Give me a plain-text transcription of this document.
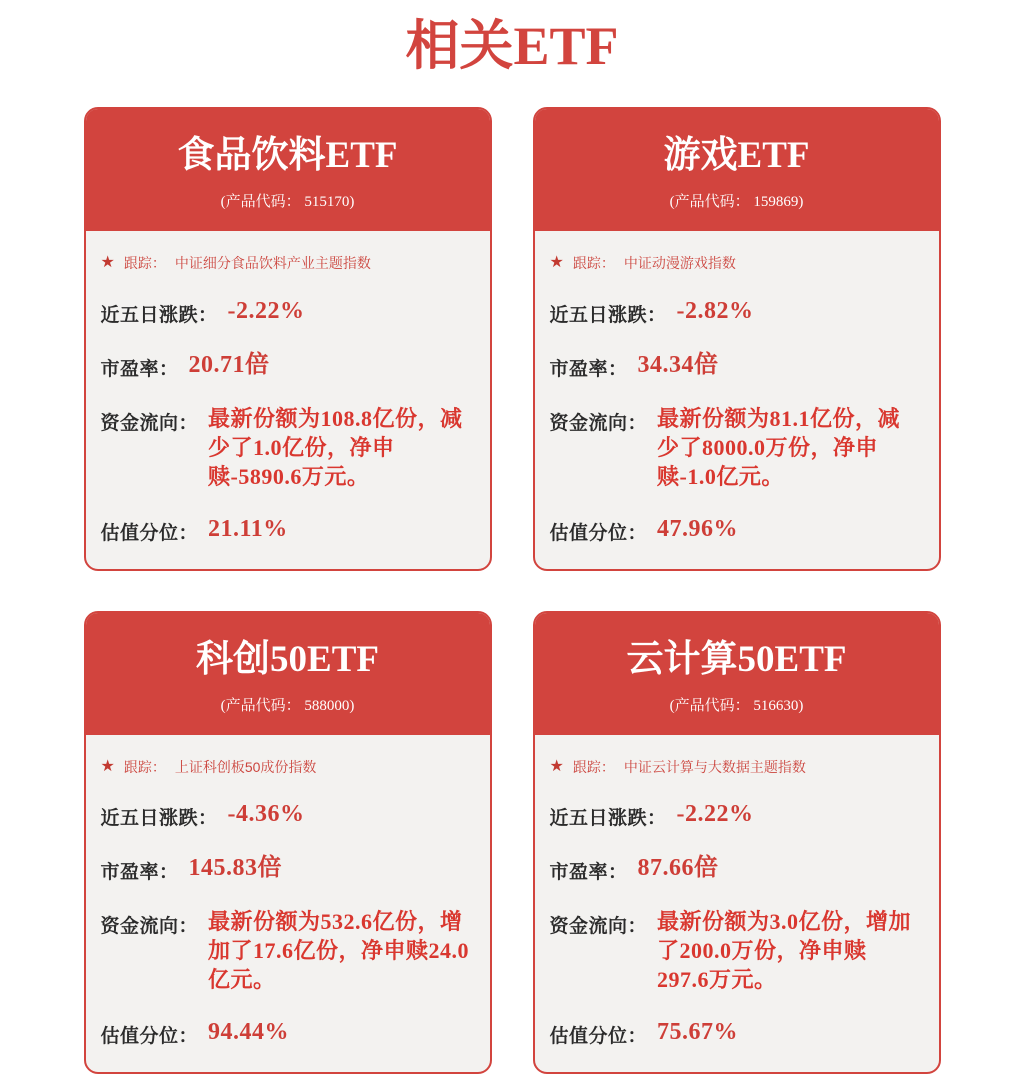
相关ETF
食品饮料ETF
(产品代码： 515170)
★ 跟踪： 中证细分食品饮料产业主题指数
近五日涨跌： -2.22%
市盈率： 20.71倍
资金流向： 最新份额为108.8亿份，减少了1.0亿份，净申赎-5890.6万元。
估值分位： 21.11%
游戏ETF
(产品代码： 159869)
★ 跟踪： 中证动漫游戏指数
近五日涨跌： -2.82%
市盈率： 34.34倍
资金流向： 最新份额为81.1亿份，减少了8000.0万份，净申赎-1.0亿元。
估值分位： 47.96%
科创50ETF
(产品代码： 588000)
★ 跟踪： 上证科创板50成份指数
近五日涨跌： -4.36%
市盈率： 145.83倍
资金流向： 最新份额为532.6亿份，增加了17.6亿份，净申赎24.0亿元。
估值分位： 94.44%
云计算50ETF
(产品代码： 516630)
★ 跟踪： 中证云计算与大数据主题指数
近五日涨跌： -2.22%
市盈率： 87.66倍
资金流向： 最新份额为3.0亿份，增加了200.0万份，净申赎297.6万元。
估值分位： 75.67%
